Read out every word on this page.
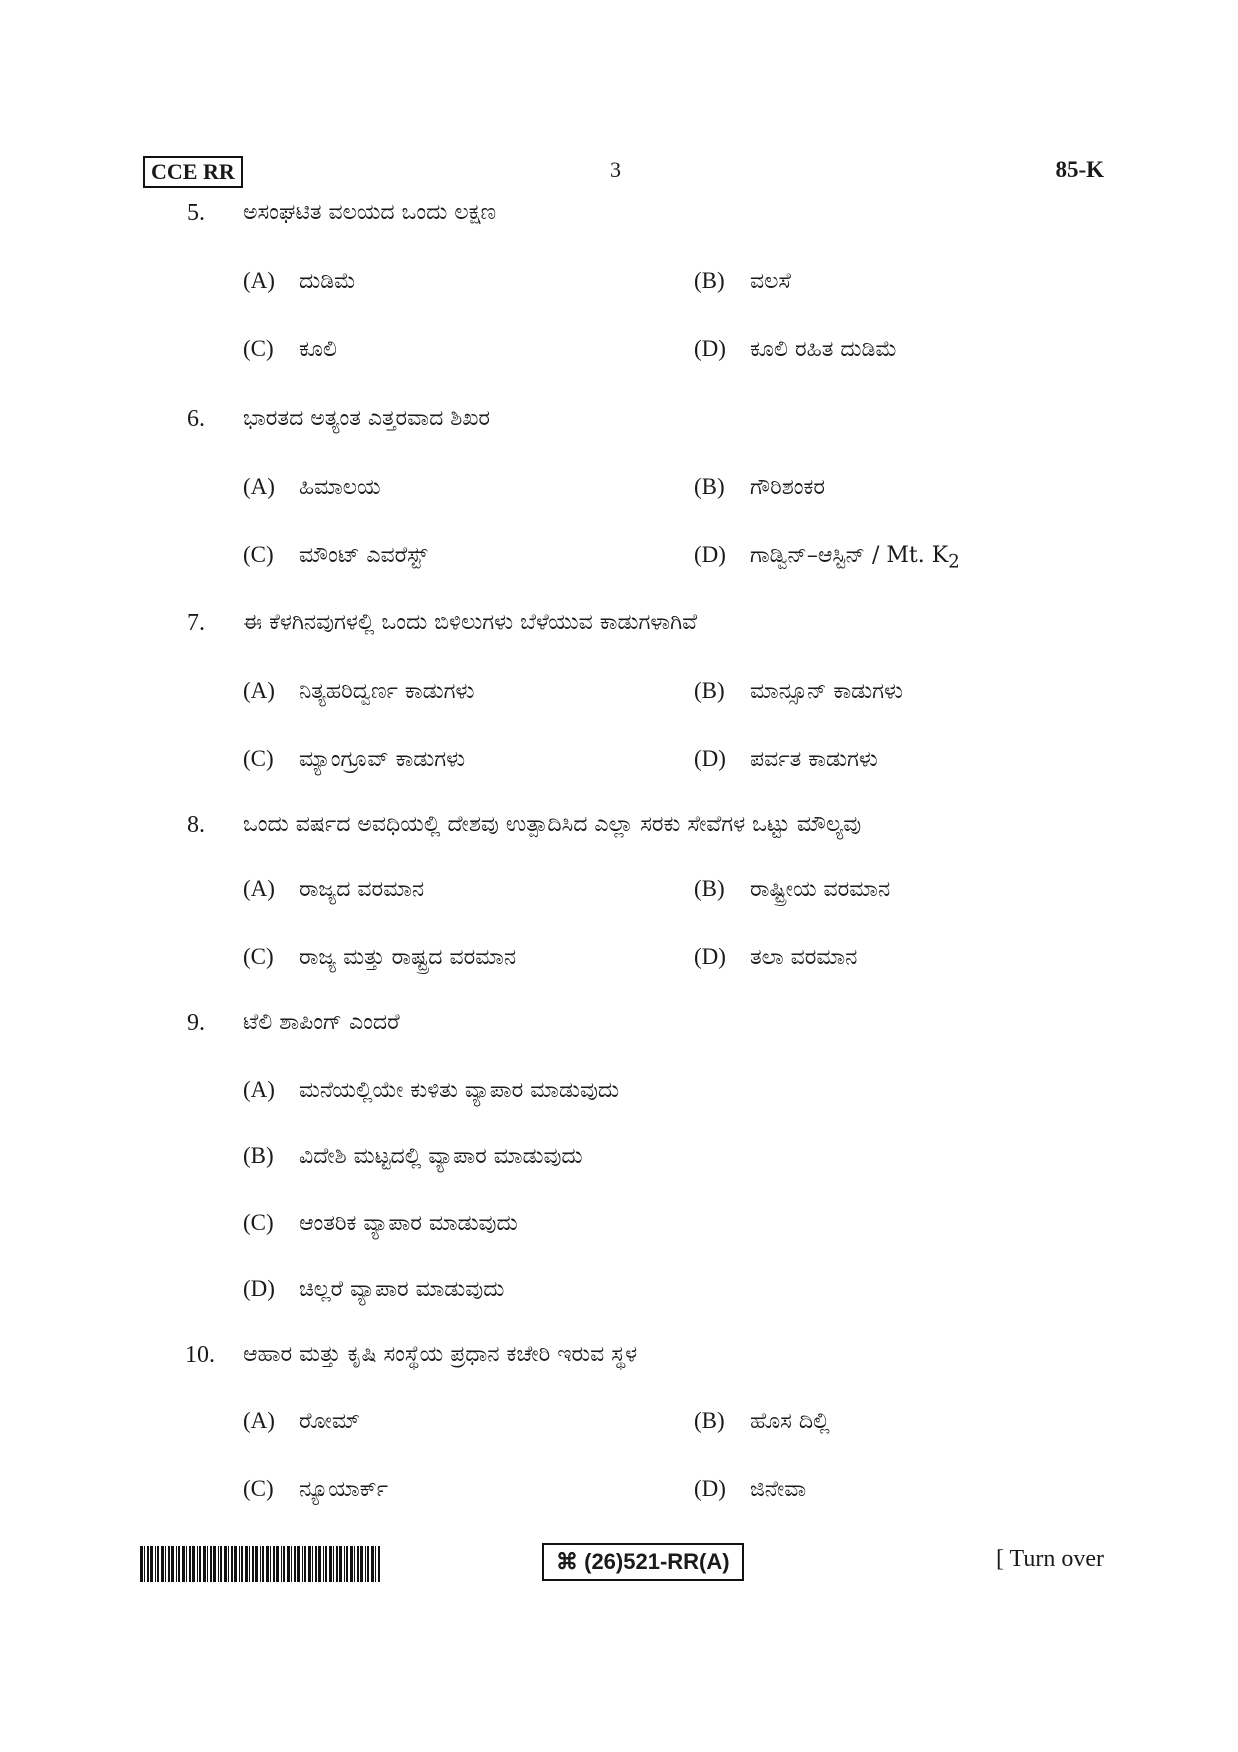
CCE RR	3	85-K
5. ಅಸಂಘಟಿತ ವಲಯದ ಒಂದು ಲಕ್ಷಣ
(A) ದುಡಿಮೆ	(B) ವಲಸೆ
(C) ಕೂಲಿ	(D) ಕೂಲಿ ರಹಿತ ದುಡಿಮೆ
6. ಭಾರತದ ಅತ್ಯಂತ ಎತ್ತರವಾದ ಶಿಖರ
(A) ಹಿಮಾಲಯ	(B) ಗೌರಿಶಂಕರ
(C) ಮೌಂಟ್ ಎವರೆಸ್ಟ್	(D) ಗಾಡ್ವಿನ್–ಆಸ್ಟಿನ್ / Mt. $K_2$
7. ಈ ಕೆಳಗಿನವುಗಳಲ್ಲಿ ಒಂದು ಬಿಳಿಲುಗಳು ಬೆಳೆಯುವ ಕಾಡುಗಳಾಗಿವೆ
(A) ನಿತ್ಯಹರಿದ್ವರ್ಣ ಕಾಡುಗಳು	(B) ಮಾನ್ಸೂನ್ ಕಾಡುಗಳು
(C) ಮ್ಯಾಂಗ್ರೂವ್ ಕಾಡುಗಳು	(D) ಪರ್ವತ ಕಾಡುಗಳು
8. ಒಂದು ವರ್ಷದ ಅವಧಿಯಲ್ಲಿ ದೇಶವು ಉತ್ಪಾದಿಸಿದ ಎಲ್ಲಾ ಸರಕು ಸೇವೆಗಳ ಒಟ್ಟು ಮೌಲ್ಯವು
(A) ರಾಜ್ಯದ ವರಮಾನ	(B) ರಾಷ್ಟ್ರೀಯ ವರಮಾನ
(C) ರಾಜ್ಯ ಮತ್ತು ರಾಷ್ಟ್ರದ ವರಮಾನ	(D) ತಲಾ ವರಮಾನ
9. ಟೆಲಿ ಶಾಪಿಂಗ್ ಎಂದರೆ
(A) ಮನೆಯಲ್ಲಿಯೇ ಕುಳಿತು ವ್ಯಾಪಾರ ಮಾಡುವುದು
(B) ವಿದೇಶಿ ಮಟ್ಟದಲ್ಲಿ ವ್ಯಾಪಾರ ಮಾಡುವುದು
(C) ಆಂತರಿಕ ವ್ಯಾಪಾರ ಮಾಡುವುದು
(D) ಚಿಲ್ಲರೆ ವ್ಯಾಪಾರ ಮಾಡುವುದು
10. ಆಹಾರ ಮತ್ತು ಕೃಷಿ ಸಂಸ್ಥೆಯ ಪ್ರಧಾನ ಕಚೇರಿ ಇರುವ ಸ್ಥಳ
(A) ರೋಮ್	(B) ಹೊಸ ದಿಲ್ಲಿ
(C) ನ್ಯೂಯಾರ್ಕ್	(D) ಜಿನೇವಾ
⌘ (26)521-RR(A)	[ Turn over
